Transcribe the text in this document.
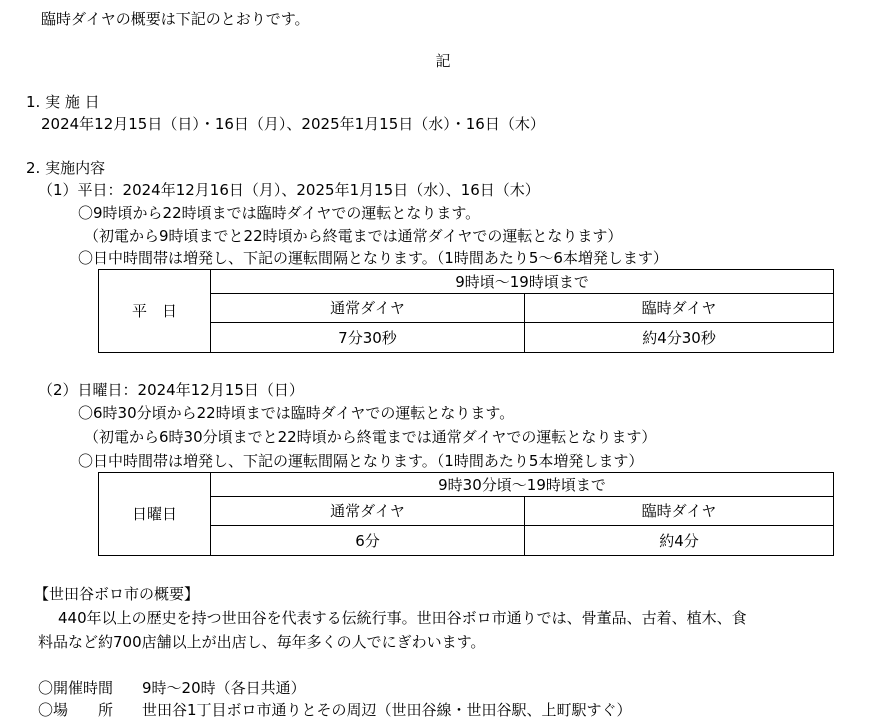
臨時ダイヤの概要は下記のとおりです。
記
1. 実 施 日
2024年12月15日（日）・16日（月）、2025年1月15日（水）・16日（木）
2. 実施内容
（1）平日：2024年12月16日（月）、2025年1月15日（水）、16日（木）
〇9時頃から22時頃までは臨時ダイヤでの運転となります。
（初電から9時頃までと22時頃から終電までは通常ダイヤでの運転となります）
〇日中時間帯は増発し、下記の運転間隔となります。（1時間あたり5～6本増発します）
平　日	9時頃～19時頃まで	
	通常ダイヤ	臨時ダイヤ
	7分30秒	約4分30秒
（2）日曜日：2024年12月15日（日）
〇6時30分頃から22時頃までは臨時ダイヤでの運転となります。
（初電から6時30分頃までと22時頃から終電までは通常ダイヤでの運転となります）
〇日中時間帯は増発し、下記の運転間隔となります。（1時間あたり5本増発します）
日曜日	9時30分頃～19時頃まで	
	通常ダイヤ	臨時ダイヤ
	6分	約4分
【世田谷ボロ市の概要】
440年以上の歴史を持つ世田谷を代表する伝統行事。世田谷ボロ市通りでは、骨董品、古着、植木、食
料品など約700店舗以上が出店し、毎年多くの人でにぎわいます。
〇開催時間 9時～20時（各日共通）
〇場　　所 世田谷1丁目ボロ市通りとその周辺（世田谷線・世田谷駅、上町駅すぐ）
